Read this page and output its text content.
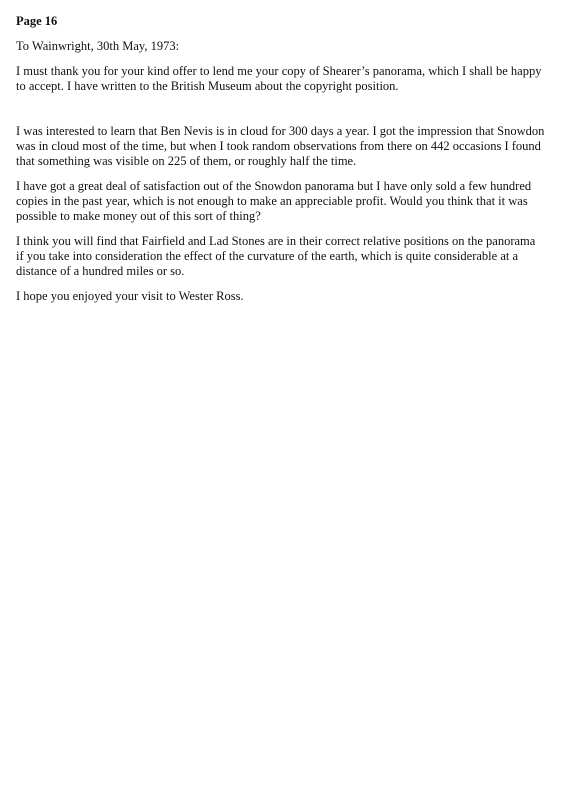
Page 16
To Wainwright, 30th May, 1973:

I must thank you for your kind offer to lend me your copy of Shearer’s panorama, which I shall be happy to accept. I have written to the British Museum about the copyright position.

I was interested to learn that Ben Nevis is in cloud for 300 days a year. I got the impression that Snowdon was in cloud most of the time, but when I took random observations from there on 442 occasions I found that something was visible on 225 of them, or roughly half the time.

I have got a great deal of satisfaction out of the Snowdon panorama but I have only sold a few hundred copies in the past year, which is not enough to make an appreciable profit. Would you think that it was possible to make money out of this sort of thing?

I think you will find that Fairfield and Lad Stones are in their correct relative positions on the panorama if you take into consideration the effect of the curvature of the earth, which is quite considerable at a distance of a hundred miles or so.

I hope you enjoyed your visit to Wester Ross.
